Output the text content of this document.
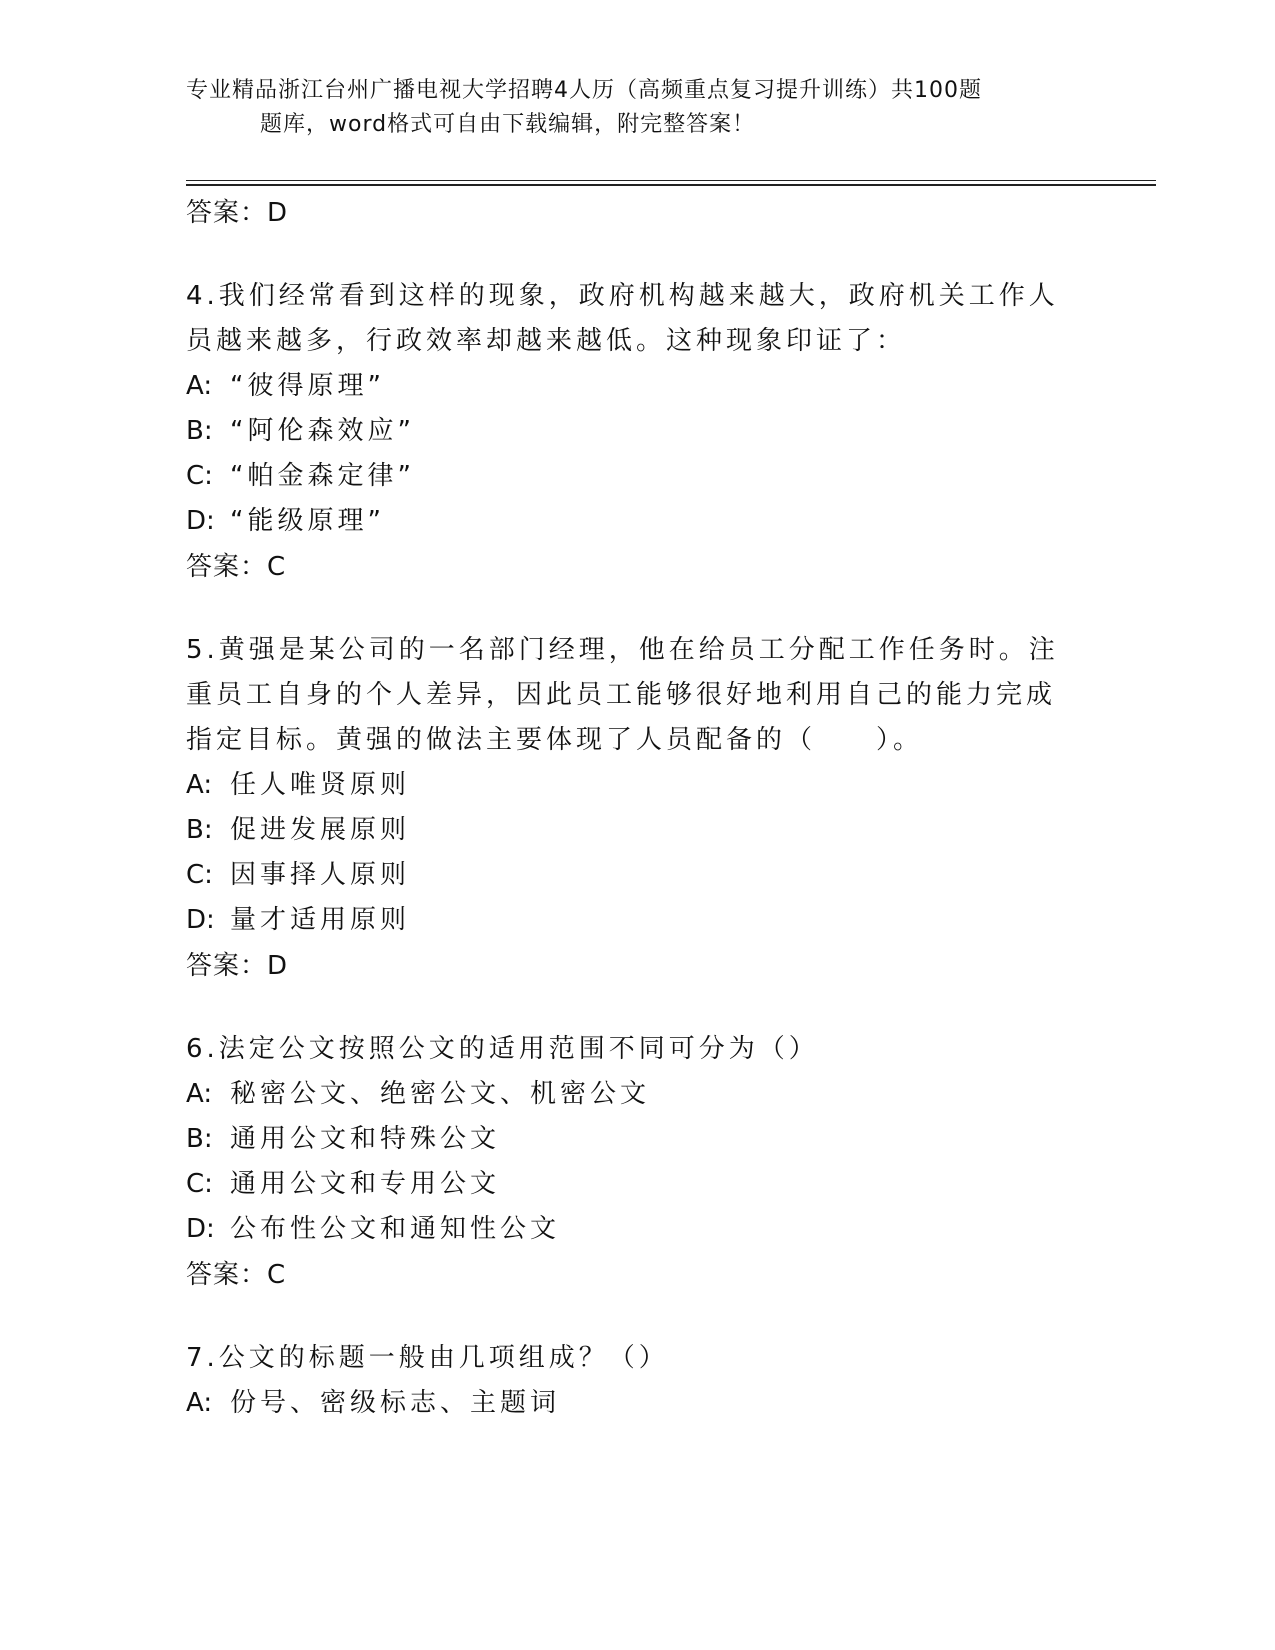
专业精品浙江台州广播电视大学招聘4人历（高频重点复习提升训练）共100题
题库，word格式可自由下载编辑，附完整答案！

答案：D

4.我们经常看到这样的现象，政府机构越来越大，政府机关工作人员越来越多，行政效率却越来越低。这种现象印证了：

A: “彼得原理”

B: “阿伦森效应”

C: “帕金森定律”

D: “能级原理”

答案：C

5.黄强是某公司的一名部门经理，他在给员工分配工作任务时。注重员工自身的个人差异，因此员工能够很好地利用自己的能力完成指定目标。黄强的做法主要体现了人员配备的（　　）。

A: 任人唯贤原则

B: 促进发展原则

C: 因事择人原则

D: 量才适用原则

答案：D

6.法定公文按照公文的适用范围不同可分为（）

A: 秘密公文、绝密公文、机密公文

B: 通用公文和特殊公文

C: 通用公文和专用公文

D: 公布性公文和通知性公文

答案：C

7.公文的标题一般由几项组成？（）

A: 份号、密级标志、主题词
